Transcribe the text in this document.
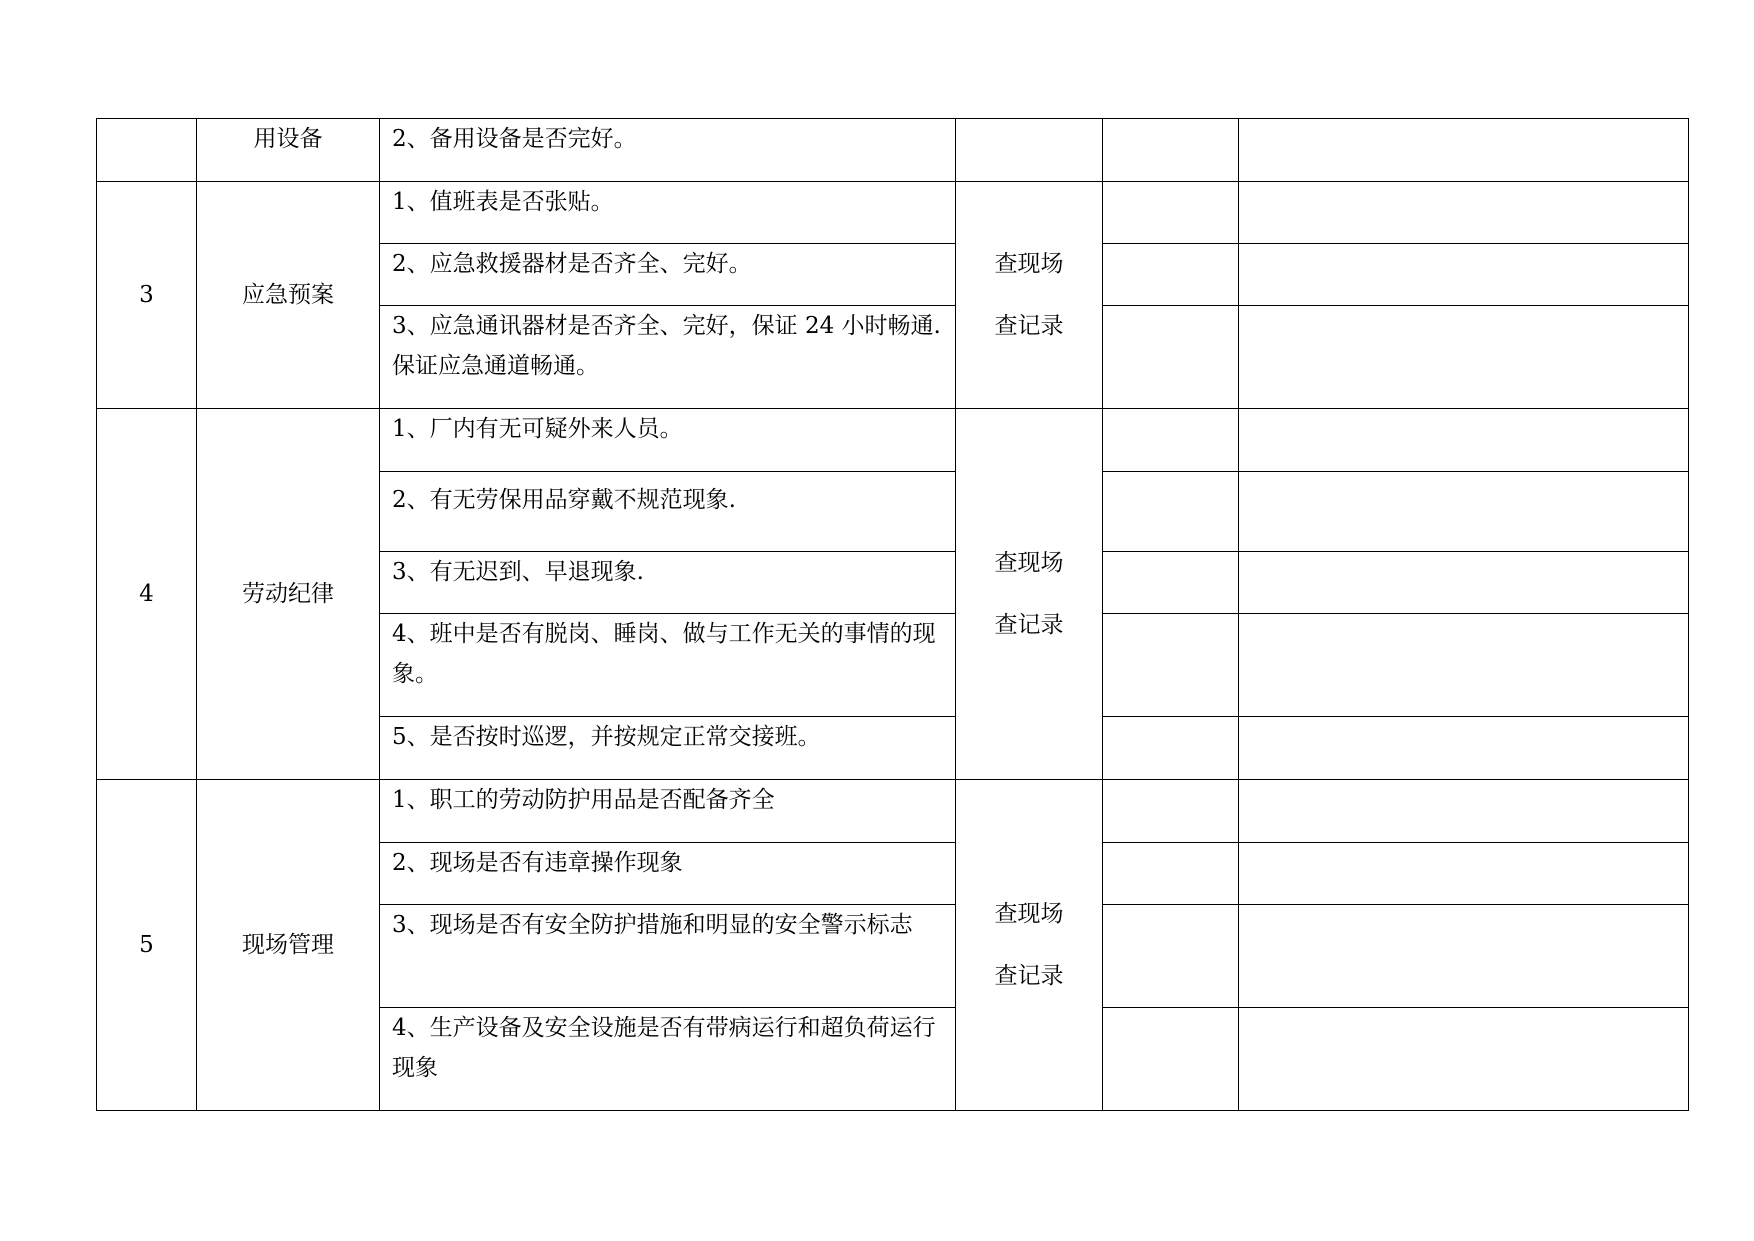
	用设备	2、备用设备是否完好。			
3	应急预案	1、值班表是否张贴。	查现场
查记录		

		2、应急救援器材是否齐全、完好。			
		3、应急通讯器材是否齐全、完好，保证 24 小时畅通.保证应急通道畅通。			
4	劳动纪律	1、厂内有无可疑外来人员。	查现场
查记录		

		2、有无劳保用品穿戴不规范现象.			
		3、有无迟到、早退现象.			
		4、班中是否有脱岗、睡岗、做与工作无关的事情的现象。			
		5、是否按时巡逻，并按规定正常交接班。			
5	现场管理	1、职工的劳动防护用品是否配备齐全	查现场
查记录		

		2、现场是否有违章操作现象			
		3、现场是否有安全防护措施和明显的安全警示标志			
		4、生产设备及安全设施是否有带病运行和超负荷运行现象			
